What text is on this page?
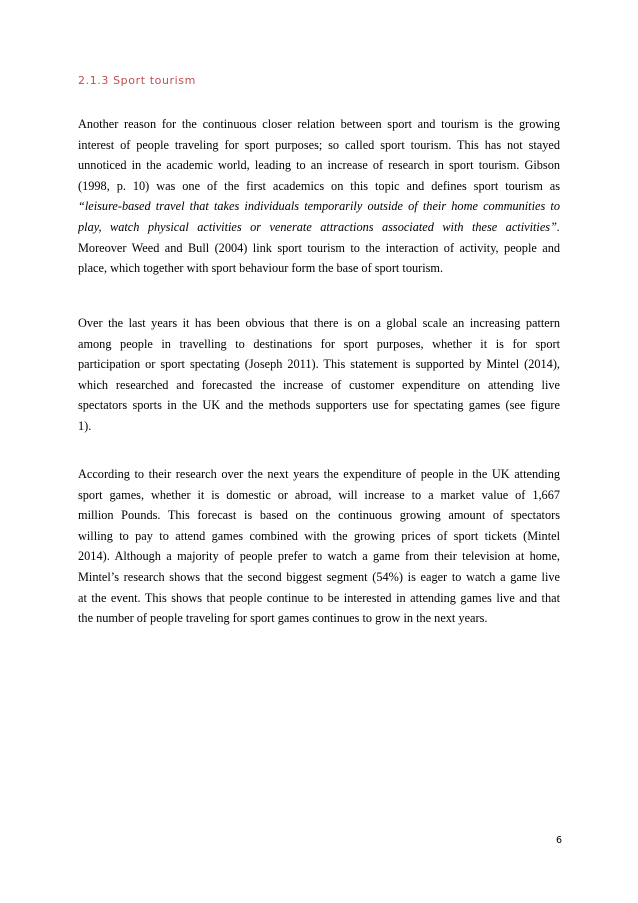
2.1.3 Sport tourism
Another reason for the continuous closer relation between sport and tourism is the growing
interest of people traveling for sport purposes; so called sport tourism. This has not stayed
unnoticed in the academic world, leading to an increase of research in sport tourism. Gibson
(1998, p. 10) was one of the first academics on this topic and defines sport tourism as
“leisure-based travel that takes individuals temporarily outside of their home communities to
play, watch physical activities or venerate attractions associated with these activities”.
Moreover Weed and Bull (2004) link sport tourism to the interaction of activity, people and
place, which together with sport behaviour form the base of sport tourism.
Over the last years it has been obvious that there is on a global scale an increasing pattern
among people in travelling to destinations for sport purposes, whether it is for sport
participation or sport spectating (Joseph 2011). This statement is supported by Mintel (2014),
which researched and forecasted the increase of customer expenditure on attending live
spectators sports in the UK and the methods supporters use for spectating games (see figure
1).
According to their research over the next years the expenditure of people in the UK attending
sport games, whether it is domestic or abroad, will increase to a market value of 1,667
million Pounds. This forecast is based on the continuous growing amount of spectators
willing to pay to attend games combined with the growing prices of sport tickets (Mintel
2014). Although a majority of people prefer to watch a game from their television at home,
Mintel’s research shows that the second biggest segment (54%) is eager to watch a game live
at the event. This shows that people continue to be interested in attending games live and that
the number of people traveling for sport games continues to grow in the next years.
6
